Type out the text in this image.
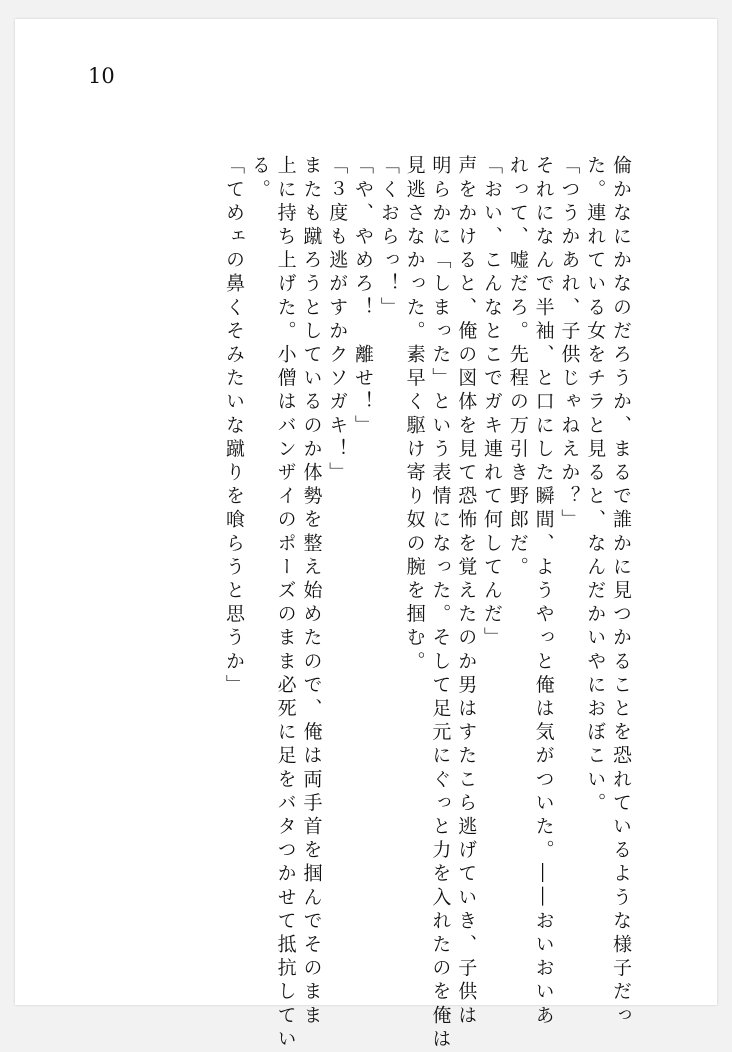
10
倫かなにかなのだろうか、まるで誰かに見つかることを恐れているような様子だっ
た。連れている女をチラと見ると、なんだかいやにおぼこい。
「つうかあれ、子供じゃねえか？」
それになんで半袖、と口にした瞬間、ようやっと俺は気がついた。――おいおいあ
れって、嘘だろ。先程の万引き野郎だ。
「おい、こんなとこでガキ連れて何してんだ」
声をかけると、俺の図体を見て恐怖を覚えたのか男はすたこら逃げていき、子供は
明らかに「しまった」という表情になった。そして足元にぐっと力を入れたのを俺は
見逃さなかった。素早く駆け寄り奴の腕を掴む。
「くおらっ！」
「や、やめろ！　離せ！」
「３度も逃がすかクソガキ！」
またも蹴ろうとしているのか体勢を整え始めたので、俺は両手首を掴んでそのまま
上に持ち上げた。小僧はバンザイのポーズのまま必死に足をバタつかせて抵抗してい
る。
「てめェの鼻くそみたいな蹴りを喰らうと思うか」
